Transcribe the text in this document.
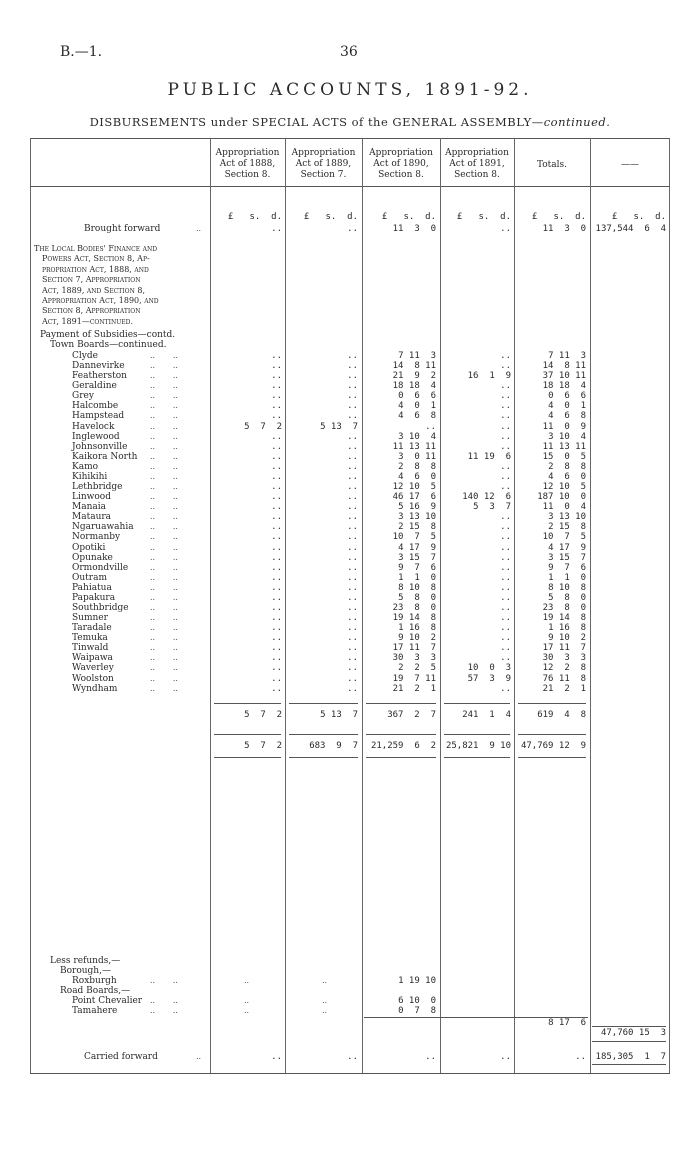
B.—1.	36
PUBLIC ACCOUNTS, 1891-92.
DISBURSEMENTS under SPECIAL ACTS of the GENERAL ASSEMBLY—continued.
Appropriation Act of 1888, Section 8.
Appropriation Act of 1889, Section 7.
Appropriation Act of 1890, Section 8.
Appropriation Act of 1891, Section 8.
Totals.	——
£   s.  d.	£   s.  d.	£   s.  d.	£   s.  d.	£   s.  d.	£   s.  d.
Brought forward	..	..	..	11  3  0	..	11  3  0 137,544  6  4
The Local Bodies' Finance and
Powers Act, Section 8, Ap-
propriation Act, 1888, and
Section 7, Appropriation
Act, 1889, and Section 8,
Appropriation Act, 1890, and
Section 8, Appropriation
Act, 1891—continued.
Payment of Subsidies—contd.
Town Boards—continued.
Clyde	..       ..	..	..	7 11  3	..	7 11  3
Dannevirke	..       ..	..	..	14  8 11	..	14  8 11
Featherston	..       ..	..	..	21  9  2	16  1  9	37 10 11
Geraldine	..       ..	..	..	18 18  4	..	18 18  4
Grey	..       ..	..	..	0  6  6	..	0  6  6
Halcombe	..       ..	..	..	4  0  1	..	4  0  1
Hampstead	..       ..	..	..	4  6  8	..	4  6  8
Havelock	..       ..	5  7  2	5 13  7	..	..	11  0  9
Inglewood	..       ..	..	..	3 10  4	..	3 10  4
Johnsonville	..       ..	..	..	11 13 11	..	11 13 11
Kaikora North ..       ..	..	..	3  0 11	11 19  6	15  0  5
Kamo	..       ..	..	..	2  8  8	..	2  8  8
Kihikihi	..       ..	..	..	4  6  0	..	4  6  0
Lethbridge	..       ..	..	..	12 10  5	..	12 10  5
Linwood	..       ..	..	..	46 17  6	140 12  6	187 10  0
Manaia	..       ..	..	..	5 16  9	5  3  7	11  0  4
Mataura	..       ..	..	..	3 13 10	..	3 13 10
Ngaruawahia ..       ..	..	..	2 15  8	..	2 15  8
Normanby	..       ..	..	..	10  7  5	..	10  7  5
Opotiki	..       ..	..	..	4 17  9	..	4 17  9
Opunake	..       ..	..	..	3 15  7	..	3 15  7
Ormondville	..       ..	..	..	9  7  6	..	9  7  6
Outram	..       ..	..	..	1  1  0	..	1  1  0
Pahiatua	..       ..	..	..	8 10  8	..	8 10  8
Papakura	..       ..	..	..	5  8  0	..	5  8  0
Southbridge	..       ..	..	..	23  8  0	..	23  8  0
Sumner	..       ..	..	..	19 14  8	..	19 14  8
Taradale	..       ..	..	..	1 16  8	..	1 16  8
Temuka	..       ..	..	..	9 10  2	..	9 10  2
Tinwald	..       ..	..	..	17 11  7	..	17 11  7
Waipawa	..       ..	..	..	30  3  3	..	30  3  3
Waverley	..       ..	..	..	2  2  5	10  0  3	12  2  8
Woolston	..       ..	..	..	19  7 11	57  3  9	76 11  8
Wyndham	..       ..	..	..	21  2  1	..	21  2  1
5  7  2	5 13  7	367  2  7	241  1  4	619  4  8
5  7  2	683  9  7	21,259  6  2	25,821  9 10	47,769 12  9
Less refunds,—
Borough,—
Roxburgh	..       ..	..	..	1 19 10
Road Boards,—
Point Chevalier ..       ..	..	..	6 10  0
Tamahere	..       ..	..	..	0  7  8
8 17  6
47,760 15  3
Carried forward	..	..	..	..	..	.. 185,305  1  7
